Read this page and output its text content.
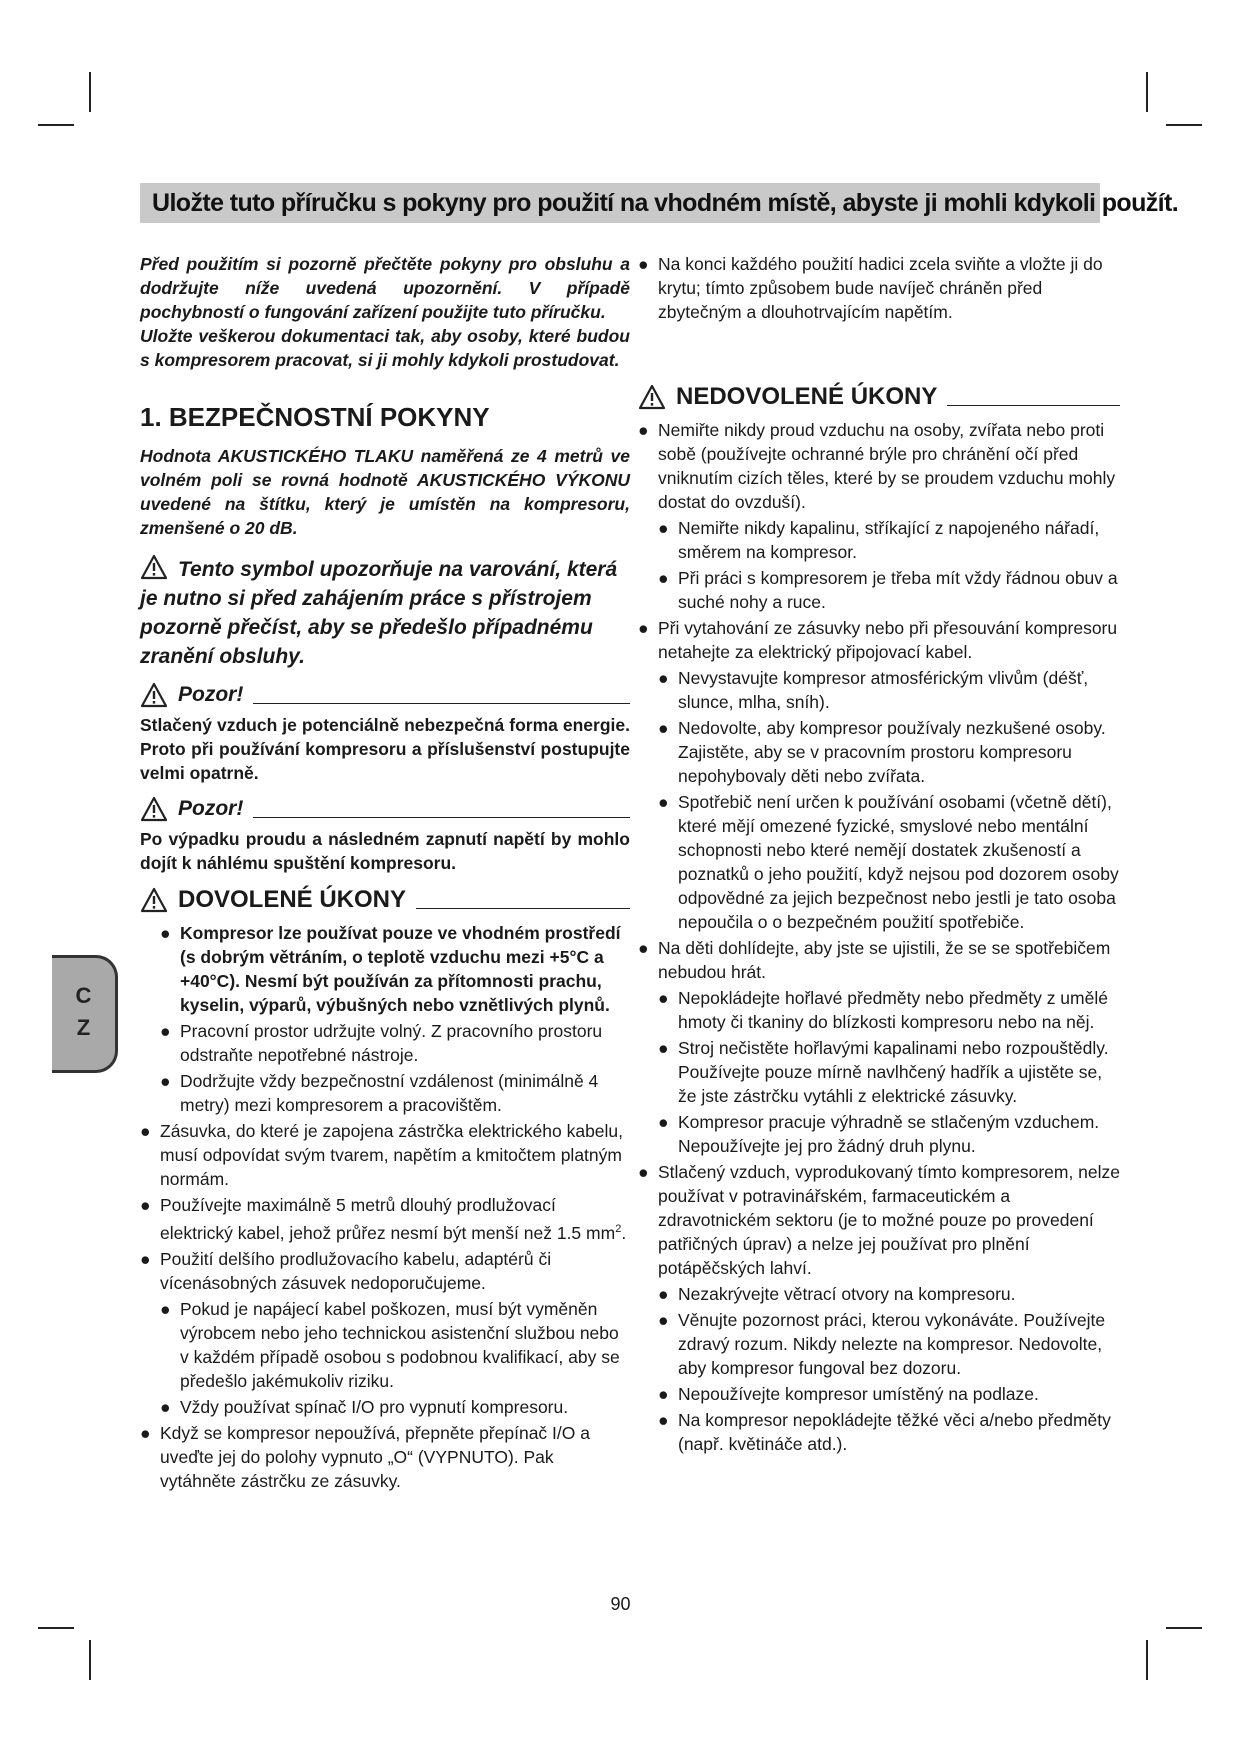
Uložte tuto příručku s pokyny pro použití na vhodném místě, abyste ji mohli kdykoli použít.

Před použitím si pozorně přečtěte pokyny pro obsluhu a dodržujte níže uvedená upozornění. V případě pochybností o fungování zařízení použijte tuto příručku.

Uložte veškerou dokumentaci tak, aby osoby, které budou s kompresorem pracovat, si ji mohly kdykoli prostudovat.

1. BEZPEČNOSTNÍ POKYNY

Hodnota AKUSTICKÉHO TLAKU naměřená ze 4 metrů ve volném poli se rovná hodnotě AKUSTICKÉHO VÝKONU uvedené na štítku, který je umístěn na kompresoru, zmenšené o 20 dB.

Tento symbol upozorňuje na varování, která je nutno si před zahájením práce s přístrojem pozorně přečíst, aby se předešlo případnému zranění obsluhy.
Pozor!

Stlačený vzduch je potenciálně nebezpečná forma energie. Proto při používání kompresoru a příslušenství postupujte velmi opatrně.

Pozor!

Po výpadku proudu a následném zapnutí napětí by mohlo dojít k náhlému spuštění kompresoru.

DOVOLENÉ ÚKONY
● Kompresor lze používat pouze ve vhodném prostředí (s dobrým větráním, o teplotě vzduchu mezi +5°C a +40°C). Nesmí být používán za přítomnosti prachu, kyselin, výparů, výbušných nebo vznětlivých plynů.
● Pracovní prostor udržujte volný. Z pracovního prostoru odstraňte nepotřebné nástroje.
● Dodržujte vždy bezpečnostní vzdálenost (minimálně 4 metry) mezi kompresorem a pracovištěm.
● Zásuvka, do které je zapojena zástrčka elektrického kabelu, musí odpovídat svým tvarem, napětím a kmitočtem platným normám.
● Používejte maximálně 5 metrů dlouhý prodlužovací elektrický kabel, jehož průřez nesmí být menší než 1.5 $mm^2$.
● Použití delšího prodlužovacího kabelu, adaptérů či vícenásobných zásuvek nedoporučujeme.
● Pokud je napájecí kabel poškozen, musí být vyměněn výrobcem nebo jeho technickou asistenční službou nebo v každém případě osobou s podobnou kvalifikací, aby se předešlo jakémukoliv riziku.
● Vždy používat spínač I/O pro vypnutí kompresoru.
● Když se kompresor nepoužívá, přepněte přepínač I/O a uveďte jej do polohy vypnuto „O“ (VYPNUTO). Pak vytáhněte zástrčku ze zásuvky.
● Na konci každého použití hadici zcela sviňte a vložte ji do krytu; tímto způsobem bude navíječ chráněn před zbytečným a dlouhotrvajícím napětím.
NEDOVOLENÉ ÚKONY
● Nemiřte nikdy proud vzduchu na osoby, zvířata nebo proti sobě (používejte ochranné brýle pro chránění očí před vniknutím cizích těles, které by se proudem vzduchu mohly dostat do ovzduší).
● Nemiřte nikdy kapalinu, stříkající z napojeného nářadí, směrem na kompresor.
● Při práci s kompresorem je třeba mít vždy řádnou obuv a suché nohy a ruce.
● Při vytahování ze zásuvky nebo při přesouvání kompresoru netahejte za elektrický připojovací kabel.
● Nevystavujte kompresor atmosférickým vlivům (déšť, slunce, mlha, sníh).
● Nedovolte, aby kompresor používaly nezkušené osoby. Zajistěte, aby se v pracovním prostoru kompresoru nepohybovaly děti nebo zvířata.
● Spotřebič není určen k používání osobami (včetně dětí), které mějí omezené fyzické, smyslové nebo mentální schopnosti nebo které nemějí dostatek zkušeností a poznatků o jeho použití, když nejsou pod dozorem osoby odpovědné za jejich bezpečnost nebo jestli je tato osoba nepoučila o o bezpečném použití spotřebiče.
● Na děti dohlídejte, aby jste se ujistili, že se se spotřebičem nebudou hrát.
● Nepokládejte hořlavé předměty nebo předměty z umělé hmoty či tkaniny do blízkosti kompresoru nebo na něj.
● Stroj nečistěte hořlavými kapalinami nebo rozpouštědly. Používejte pouze mírně navlhčený hadřík a ujistěte se, že jste zástrčku vytáhli z elektrické zásuvky.
● Kompresor pracuje výhradně se stlačeným vzduchem. Nepoužívejte jej pro žádný druh plynu.
● Stlačený vzduch, vyprodukovaný tímto kompresorem, nelze používat v potravinářském, farmaceutickém a zdravotnickém sektoru (je to možné pouze po provedení patřičných úprav) a nelze jej používat pro plnění potápěčských lahví.
● Nezakrývejte větrací otvory na kompresoru.
● Věnujte pozornost práci, kterou vykonáváte. Používejte zdravý rozum. Nikdy nelezte na kompresor. Nedovolte, aby kompresor fungoval bez dozoru.
● Nepoužívejte kompresor umístěný na podlaze.
● Na kompresor nepokládejte těžké věci a/nebo předměty (např. květináče atd.).
C
Z
90
